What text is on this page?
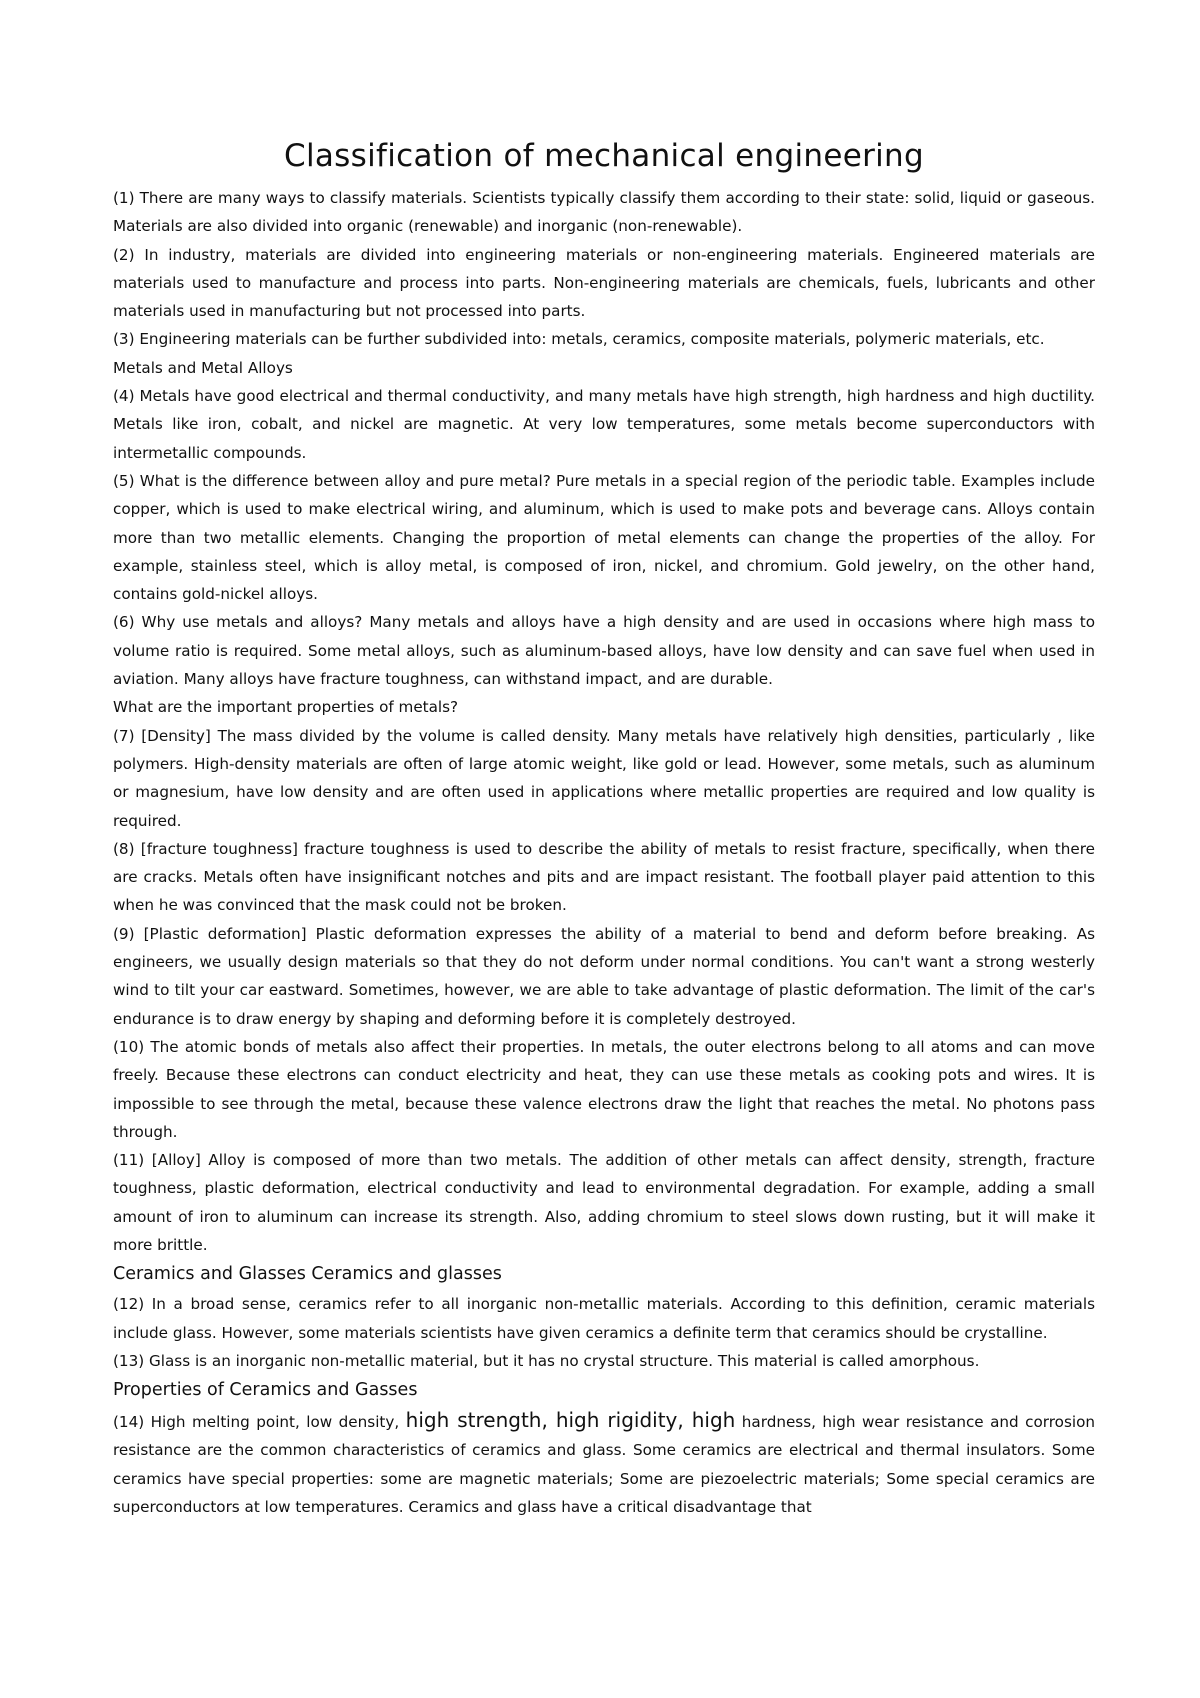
Classification of mechanical engineering

(1) There are many ways to classify materials. Scientists typically classify them according to their state: solid, liquid or gaseous. Materials are also divided into organic (renewable) and inorganic (non-renewable).

(2) In industry, materials are divided into engineering materials or non-engineering materials. Engineered materials are materials used to manufacture and process into parts. Non-engineering materials are chemicals, fuels, lubricants and other materials used in manufacturing but not processed into parts.

(3) Engineering materials can be further subdivided into: metals, ceramics, composite materials, polymeric materials, etc.

Metals and Metal Alloys

(4) Metals have good electrical and thermal conductivity, and many metals have high strength, high hardness and high ductility. Metals like iron, cobalt, and nickel are magnetic. At very low temperatures, some metals become superconductors with intermetallic compounds.

(5) What is the difference between alloy and pure metal? Pure metals in a special region of the periodic table. Examples include copper, which is used to make electrical wiring, and aluminum, which is used to make pots and beverage cans. Alloys contain more than two metallic elements. Changing the proportion of metal elements can change the properties of the alloy. For example, stainless steel, which is alloy metal, is composed of iron, nickel, and chromium. Gold jewelry, on the other hand, contains gold-nickel alloys.

(6) Why use metals and alloys? Many metals and alloys have a high density and are used in occasions where high mass to volume ratio is required. Some metal alloys, such as aluminum-based alloys, have low density and can save fuel when used in aviation. Many alloys have fracture toughness, can withstand impact, and are durable.

What are the important properties of metals?

(7) [Density] The mass divided by the volume is called density. Many metals have relatively high densities, particularly , like polymers. High-density materials are often of large atomic weight, like gold or lead. However, some metals, such as aluminum or magnesium, have low density and are often used in applications where metallic properties are required and low quality is required.

(8) [fracture toughness] fracture toughness is used to describe the ability of metals to resist fracture, specifically, when there are cracks. Metals often have insignificant notches and pits and are impact resistant. The football player paid attention to this when he was convinced that the mask could not be broken.

(9) [Plastic deformation] Plastic deformation expresses the ability of a material to bend and deform before breaking. As engineers, we usually design materials so that they do not deform under normal conditions. You can't want a strong westerly wind to tilt your car eastward. Sometimes, however, we are able to take advantage of plastic deformation. The limit of the car's endurance is to draw energy by shaping and deforming before it is completely destroyed.

(10) The atomic bonds of metals also affect their properties. In metals, the outer electrons belong to all atoms and can move freely. Because these electrons can conduct electricity and heat, they can use these metals as cooking pots and wires. It is impossible to see through the metal, because these valence electrons draw the light that reaches the metal. No photons pass through.

(11) [Alloy] Alloy is composed of more than two metals. The addition of other metals can affect density, strength, fracture toughness, plastic deformation, electrical conductivity and lead to environmental degradation. For example, adding a small amount of iron to aluminum can increase its strength. Also, adding chromium to steel slows down rusting, but it will make it more brittle.

Ceramics and Glasses Ceramics and glasses

(12) In a broad sense, ceramics refer to all inorganic non-metallic materials. According to this definition, ceramic materials include glass. However, some materials scientists have given ceramics a definite term that ceramics should be crystalline.

(13) Glass is an inorganic non-metallic material, but it has no crystal structure. This material is called amorphous.

Properties of Ceramics and Gasses

(14) High melting point, low density, high strength, high rigidity, high hardness, high wear resistance and corrosion resistance are the common characteristics of ceramics and glass. Some ceramics are electrical and thermal insulators. Some ceramics have special properties: some are magnetic materials; Some are piezoelectric materials; Some special ceramics are superconductors at low temperatures. Ceramics and glass have a critical disadvantage that
